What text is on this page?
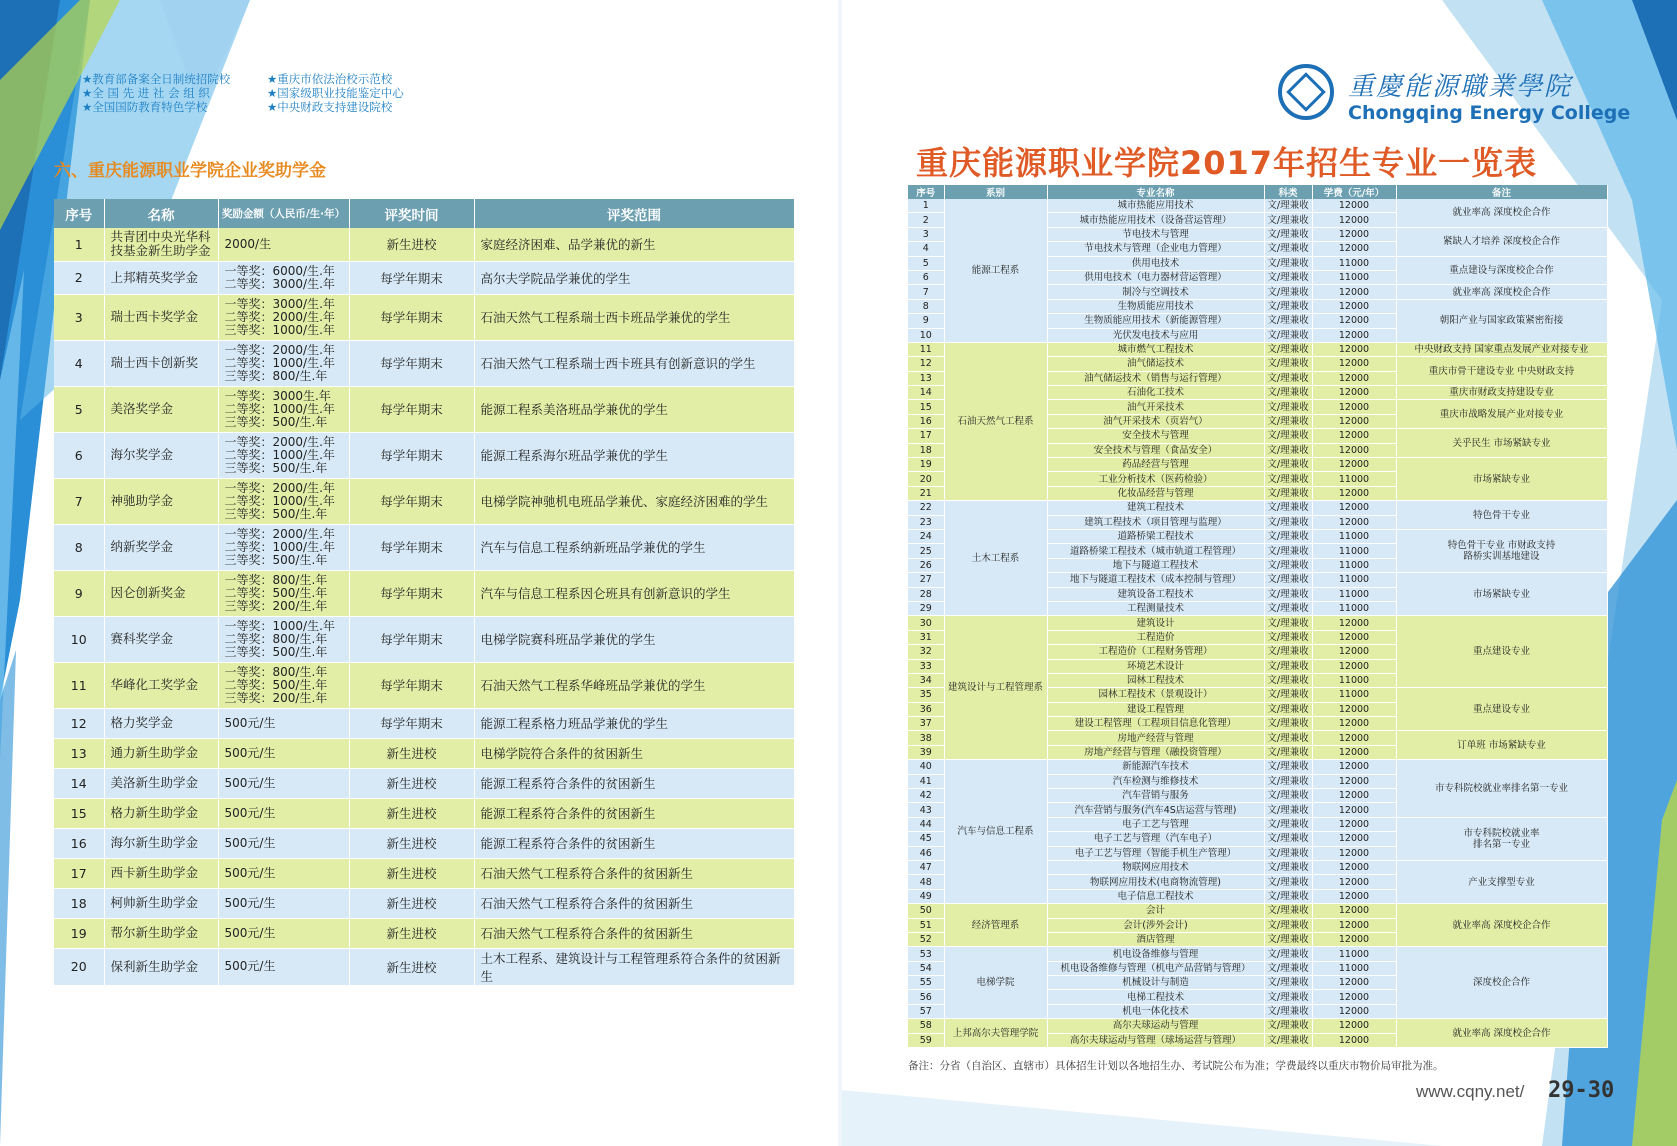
★教育部备案全日制统招院校	★重庆市依法治校示范校
★全 国 先 进 社 会 组 织	★国家级职业技能鉴定中心
★全国国防教育特色学校	★中央财政支持建设院校
六、重庆能源职业学院企业奖助学金
序号	名称	奖励金额（人民币/生·年）	评奖时间	评奖范围
1	共青团中央光华科
技基金新生助学金	2000/生	新生进校	家庭经济困难、品学兼优的新生
2	上邦精英奖学金	一等奖：6000/生.年
二等奖：3000/生.年	每学年期末	高尔夫学院品学兼优的学生
3	瑞士西卡奖学金	一等奖：3000/生.年
二等奖：2000/生.年
三等奖：1000/生.年	每学年期末	石油天然气工程系瑞士西卡班品学兼优的学生
4	瑞士西卡创新奖	一等奖：2000/生.年
二等奖：1000/生.年
三等奖：800/生.年	每学年期末	石油天然气工程系瑞士西卡班具有创新意识的学生
5	美洛奖学金	一等奖：3000生.年
二等奖：1000/生.年
三等奖：500/生.年	每学年期末	能源工程系美洛班品学兼优的学生
6	海尔奖学金	一等奖：2000/生.年
二等奖：1000/生.年
三等奖：500/生.年	每学年期末	能源工程系海尔班品学兼优的学生
7	神驰助学金	一等奖：2000/生.年
二等奖：1000/生.年
三等奖：500/生.年	每学年期末	电梯学院神驰机电班品学兼优、家庭经济困难的学生
8	纳新奖学金	一等奖：2000/生.年
二等奖：1000/生.年
三等奖：500/生.年	每学年期末	汽车与信息工程系纳新班品学兼优的学生
9	因仑创新奖金	一等奖：800/生.年
二等奖：500/生.年
三等奖：200/生.年	每学年期末	汽车与信息工程系因仑班具有创新意识的学生
10	赛科奖学金	一等奖：1000/生.年
二等奖：800/生.年
三等奖：500/生.年	每学年期末	电梯学院赛科班品学兼优的学生
11	华峰化工奖学金	一等奖：800/生.年
二等奖：500/生.年
三等奖：200/生.年	每学年期末	石油天然气工程系华峰班品学兼优的学生
12	格力奖学金	500元/生	每学年期末	能源工程系格力班品学兼优的学生
13	通力新生助学金	500元/生	新生进校	电梯学院符合条件的贫困新生
14	美洛新生助学金	500元/生	新生进校	能源工程系符合条件的贫困新生
15	格力新生助学金	500元/生	新生进校	能源工程系符合条件的贫困新生
16	海尔新生助学金	500元/生	新生进校	能源工程系符合条件的贫困新生
17	西卡新生助学金	500元/生	新生进校	石油天然气工程系符合条件的贫困新生
18	柯帅新生助学金	500元/生	新生进校	石油天然气工程系符合条件的贫困新生
19	帮尔新生助学金	500元/生	新生进校	石油天然气工程系符合条件的贫困新生
20	保利新生助学金	500元/生	新生进校	土木工程系、建筑设计与工程管理系符合条件的贫困新生
重慶能源職業學院
Chongqing Energy College
重庆能源职业学院2017年招生专业一览表
序号	系别	专业名称	科类	学费（元/年）	备注
1	能源工程系	城市热能应用技术	文/理兼收	12000	就业率高 深度校企合作
2		城市热能应用技术（设备营运管理）	文/理兼收	12000	
3		节电技术与管理	文/理兼收	12000	紧缺人才培养 深度校企合作
4		节电技术与管理（企业电力管理）	文/理兼收	12000	
5		供用电技术	文/理兼收	11000	重点建设与深度校企合作
6		供用电技术（电力器材营运管理）	文/理兼收	11000	
7		制冷与空调技术	文/理兼收	12000	就业率高 深度校企合作
8		生物质能应用技术	文/理兼收	12000	朝阳产业与国家政策紧密衔接
9		生物质能应用技术（新能源管理）	文/理兼收	12000	
10		光伏发电技术与应用	文/理兼收	12000	
11	石油天然气工程系	城市燃气工程技术	文/理兼收	12000	中央财政支持 国家重点发展产业对接专业
12		油气储运技术	文/理兼收	12000	重庆市骨干建设专业 中央财政支持
13		油气储运技术（销售与运行管理）	文/理兼收	12000	
14		石油化工技术	文/理兼收	12000	重庆市财政支持建设专业
15		油气开采技术	文/理兼收	12000	重庆市战略发展产业对接专业
16		油气开采技术（页岩气）	文/理兼收	12000	
17		安全技术与管理	文/理兼收	12000	关乎民生 市场紧缺专业
18		安全技术与管理（食品安全）	文/理兼收	12000	
19		药品经营与管理	文/理兼收	12000	市场紧缺专业
20		工业分析技术（医药检验）	文/理兼收	11000	
21		化妆品经营与管理	文/理兼收	12000	
22	土木工程系	建筑工程技术	文/理兼收	12000	特色骨干专业
23		建筑工程技术（项目管理与监理）	文/理兼收	12000	
24		道路桥梁工程技术	文/理兼收	11000	特色骨干专业 市财政支持
路桥实训基地建设
25		道路桥梁工程技术（城市轨道工程管理）	文/理兼收	11000	
26		地下与隧道工程技术	文/理兼收	11000	
27		地下与隧道工程技术（成本控制与管理）	文/理兼收	11000	市场紧缺专业
28		建筑设备工程技术	文/理兼收	11000	
29		工程测量技术	文/理兼收	11000	
30	建筑设计与工程管理系	建筑设计	文/理兼收	12000	重点建设专业
31		工程造价	文/理兼收	12000	
32		工程造价（工程财务管理）	文/理兼收	12000	
33		环境艺术设计	文/理兼收	12000	
34		园林工程技术	文/理兼收	11000	
35		园林工程技术（景观设计）	文/理兼收	11000	重点建设专业
36		建设工程管理	文/理兼收	12000	
37		建设工程管理（工程项目信息化管理）	文/理兼收	12000	
38		房地产经营与管理	文/理兼收	12000	订单班 市场紧缺专业
39		房地产经营与管理（融投资管理）	文/理兼收	12000	
40	汽车与信息工程系	新能源汽车技术	文/理兼收	12000	市专科院校就业率排名第一专业
41		汽车检测与维修技术	文/理兼收	12000	
42		汽车营销与服务	文/理兼收	12000	
43		汽车营销与服务(汽车4S店运营与管理)	文/理兼收	12000	
44		电子工艺与管理	文/理兼收	12000	市专科院校就业率
排名第一专业
45		电子工艺与管理（汽车电子）	文/理兼收	12000	
46		电子工艺与管理（智能手机生产管理）	文/理兼收	12000	
47		物联网应用技术	文/理兼收	12000	产业支撑型专业
48		物联网应用技术(电商物流管理)	文/理兼收	12000	
49		电子信息工程技术	文/理兼收	12000	
50	经济管理系	会计	文/理兼收	12000	就业率高 深度校企合作
51		会计(涉外会计)	文/理兼收	12000	
52		酒店管理	文/理兼收	12000	
53	电梯学院	机电设备维修与管理	文/理兼收	11000	深度校企合作
54		机电设备维修与管理（机电产品营销与管理）	文/理兼收	11000	
55		机械设计与制造	文/理兼收	12000	
56		电梯工程技术	文/理兼收	12000	
57		机电一体化技术	文/理兼收	12000	
58	上邦高尔夫管理学院	高尔夫球运动与管理	文/理兼收	12000	就业率高 深度校企合作
59		高尔夫球运动与管理（球场运营与管理）	文/理兼收	12000	
备注：分省（自治区、直辖市）具体招生计划以各地招生办、考试院公布为准；学费最终以重庆市物价局审批为准。
www.cqny.net/ 29-30
